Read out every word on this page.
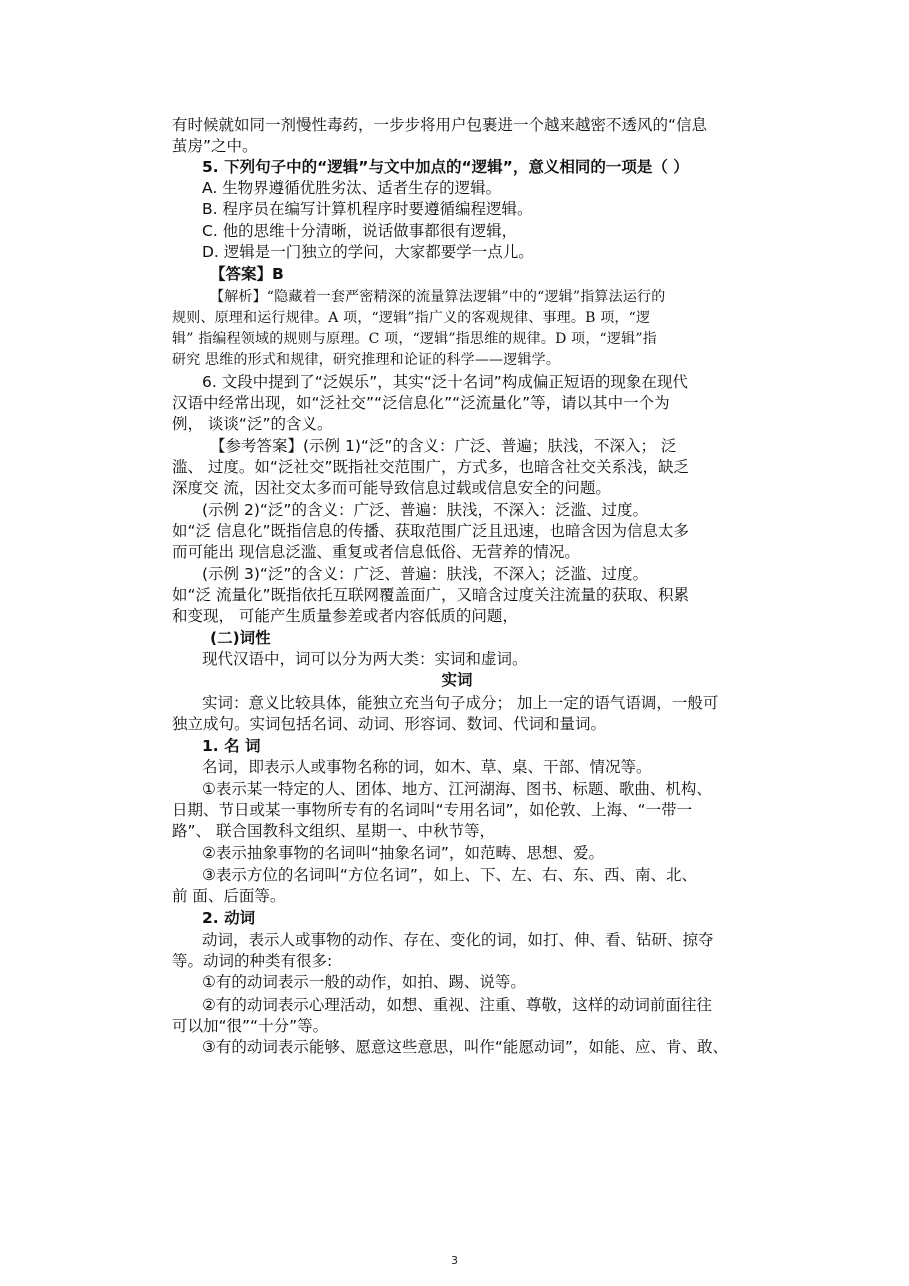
有时候就如同一剂慢性毒药，一步步将用户包裹进一个越来越密不透风的“信息
茧房”之中。
5. 下列句子中的“逻辑”与文中加点的“逻辑”，意义相同的一项是（ ）
A. 生物界遵循优胜劣汰、适者生存的逻辑。
B. 程序员在编写计算机程序时要遵循编程逻辑。
C. 他的思维十分清晰，说话做事都很有逻辑，
D. 逻辑是一门独立的学问，大家都要学一点儿。
【答案】B
【解析】“隐藏着一套严密精深的流量算法逻辑”中的“逻辑”指算法运行的
规则、原理和运行规律。A 项，“逻辑”指广义的客观规律、事理。B 项，“逻
辑” 指编程领域的规则与原理。C 项，“逻辑”指思维的规律。D 项，“逻辑”指
研究 思维的形式和规律，研究推理和论证的科学——逻辑学。
6. 文段中提到了“泛娱乐”，其实“泛十名词”构成偏正短语的现象在现代
汉语中经常出现，如“泛社交”“泛信息化”“泛流量化”等，请以其中一个为
例， 谈谈“泛”的含义。
【参考答案】(示例 1)“泛”的含义：广泛、普遍；肤浅，不深入； 泛
滥、 过度。如“泛社交”既指社交范围广，方式多，也暗含社交关系浅，缺乏
深度交 流，因社交太多而可能导致信息过载或信息安全的问题。
(示例 2)“泛”的含义：广泛、普遍：肤浅，不深入：泛滥、过度。
如“泛 信息化”既指信息的传播、获取范围广泛且迅速，也暗含因为信息太多
而可能出 现信息泛滥、重复或者信息低俗、无营养的情况。
(示例 3)“泛”的含义：广泛、普遍：肤浅，不深入；泛滥、过度。
如“泛 流量化”既指依托互联网覆盖面广，又暗含过度关注流量的获取、积累
和变现， 可能产生质量参差或者内容低质的问题，
(二)词性
现代汉语中，词可以分为两大类：实词和虚词。
实词
实词：意义比较具体，能独立充当句子成分； 加上一定的语气语调，一般可
独立成句。实词包括名词、动词、形容词、数词、代词和量词。
1. 名 词
名词，即表示人或事物名称的词，如木、草、桌、干部、情况等。
①表示某一特定的人、团体、地方、江河湖海、图书、标题、歌曲、机构、
日期、节日或某一事物所专有的名词叫“专用名词”，如伦敦、上海、“一带一
路”、 联合国教科文组织、星期一、中秋节等，
②表示抽象事物的名词叫“抽象名词”，如范畴、思想、爱。
③表示方位的名词叫“方位名词”，如上、下、左、右、东、西、南、北、
前 面、后面等。
2. 动词
动词，表示人或事物的动作、存在、变化的词，如打、伸、看、钻研、掠夺
等。动词的种类有很多:
①有的动词表示一般的动作，如拍、踢、说等。
②有的动词表示心理活动，如想、重视、注重、尊敬，这样的动词前面往往
可以加“很”“十分”等。
③有的动词表示能够、愿意这些意思，叫作“能愿动词”，如能、应、肯、敢、
3
